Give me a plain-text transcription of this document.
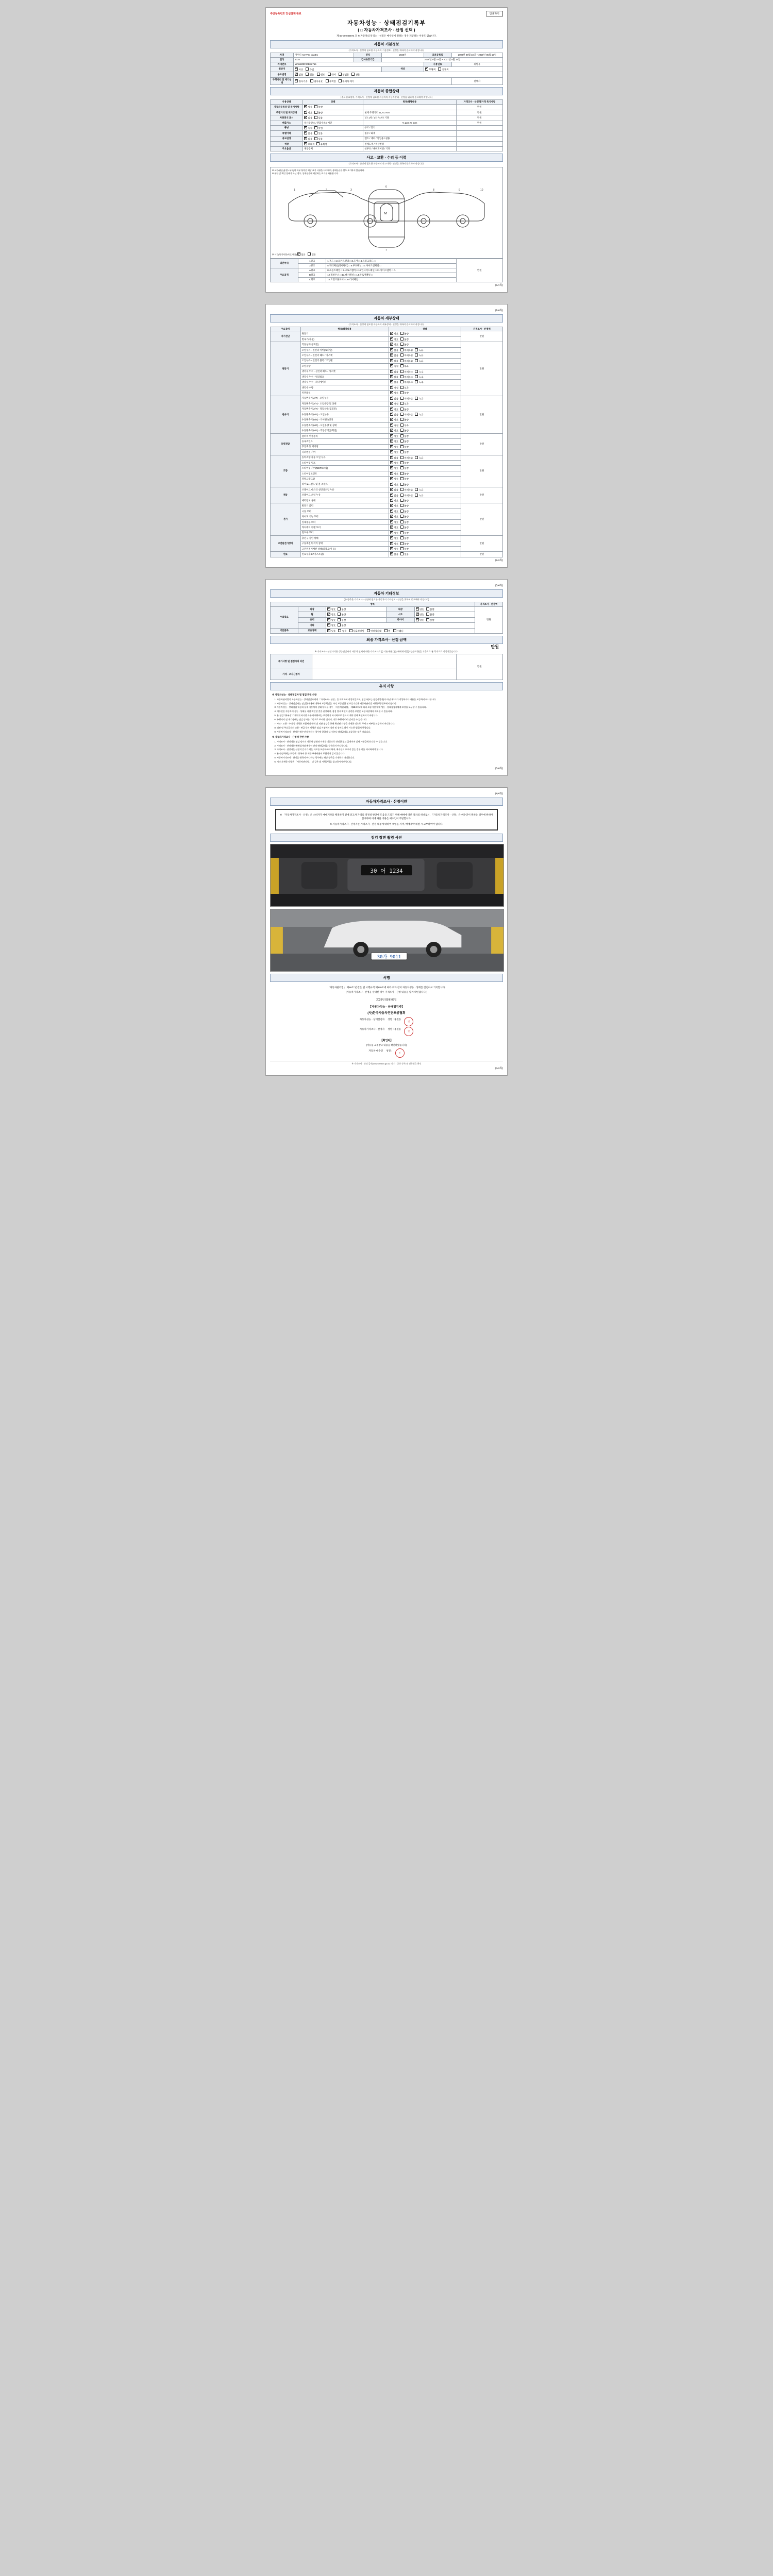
주민등록번호 안심결재 완료	인쇄하기
자동차성능 · 상태점검기록부
( □ 자동차가격조사 · 산정 선택 )
제 50-00-025674 호 ※ 자동차의 특징소 · 성질은 매수인에 정하는 경우 제공하는 서류도 없습니다.
자동차 기본정보
(가격조사 · 산정에 필요한 자동차의 기본정보 · 선정을 위하여 중요해야 작성니다)
차명	아우디 A6 TFSI quattro	연식	2020년	최초등록일	2008년 08월 15일 ~ 2020년 05월 19일
연식	2025	검사유효기간	2025년 5월 19일 ~ 2027년 5월 19일		
차대번호	WAUZZZF20DS2756			사용연료	휘발유
원산지	국산 수입		색상	무채색 유채색	
용도변경	없음 있음 렌트 대여 영업용 관용				
주행거리 및 계기상태	검사기준 검사유효 부적합 판매자 계기				판매자
자동차 종합상태
(주요 유효설치, 가격조사 · 산정에 필요한 자동차의 자동차상태 · 선정을 위하여 중요해야 작성니다)
사용상태	상태	항목/해당내용	가격조사 · 산정액/가격 특기사항
자동차등록증 및 특기사항	양호 불량		만원
주행거리 및 계기상태	양호 불량	현재 주행거리 11,772 Km	만원
차량연식 표시	없음 있음	년 / 1차 / 3차 / 4차 / 기타	만원
배출가스	일산화탄소 / 탄화수소 / 매연	% ppm % ppm	만원
튜닝	적정 불법	구조 / 장치	
특별이력	없음 있음	침수 / 화재	
용도변경	없음 있음	렌트 / 대여 / 영업용 / 관용	
색상	무채색 유채색	전체도색 / 색상변경	
주요옵션	제동장치	선루프 / 내비게이션 / 기타	
사고 · 교환 · 수리 등 이력
(가격조사 · 산정에 필요한 자동차의 사고이력 · 선정을 위하여 중요해야 작성니다)
※ 교환/판금(용접 / 부착)의 여부 항목은 해당 표기 사항을 나타내며, 상태등급은 별도 표기하지 않습니다.
※ 판단 및 확인 상태가 아닌 경우, 상태등급에 해당하는 표기를 사용합니다.
M
1	2	3	8	9	10
6
7
※ 시건(특기사항/사고 내용) 없음	있음
외판부위	1랭크	1.후드 □ 2.프론트팬더 □ 3.도어 □ 4.트렁크리드 □	만원
	2랭크	5.쿼터패널(리어팬더) □ 6.루프패널 □ 7.사이드실패널 □	
주요골격	A랭크	8.프론트패널 □ 9.크로스멤버 □ 10.인사이드패널 □ 11.사이드멤버 □ A.	
	B랭크	12.휠하우스 □ 13.대시패널 □ 14.플로어패널 □	
	C랭크	15.트렁크플로어 □ 16.리어패널 □	
(1/4쪽)
(2/4쪽)
자동차 세부상태
(가격조사 · 산정에 필요한 자동차의 세부상태 · 선정을 위하여 중요해야 작성니다)
주요장치	항목/해당내용	상태	가격조사 · 산정액
자기진단	원동기	양호 불량	만원
	변속기(자동)	양호 불량	
원동기	작동상태(공회전)	양호 불량	만원
	오일누유 - 실린더 커버(로커암)	없음 미세누유 누유	
	오일누유 - 실린더 헤드 / 가스켓	없음 미세누유 누유	
	오일누유 - 실린더 블록 / 오일팬	없음 미세누유 누유	
	오일유량	적정 부족	
	냉각수 누수 - 실린더 헤드 / 가스켓	없음 미세누수 누수	
	냉각수 누수 - 워터펌프	없음 미세누수 누수	
	냉각수 누수 - 라디에이터	없음 미세누수 누수	
	냉각수 수량	적정 부족	
	커먼레일	양호 불량	
변속기	자동변속기(A/T) - 오일누유	없음 미세누유 누유	만원
	자동변속기(A/T) - 오일유량 및 상태	적정 부족	
	자동변속기(A/T) - 작동상태(공회전)	양호 불량	
	수동변속기(M/T) - 오일누유	없음 미세누유 누유	
	수동변속기(M/T) - 기어변속장치	양호 불량	
	수동변속기(M/T) - 오일유량 및 상태	적정 부족	
	수동변속기(M/T) - 작동상태(공회전)	양호 불량	
동력전달	클러치 어셈블리	양호 불량	만원
	등속조인트	양호 불량	
	추진축 및 베어링	양호 불량	
	디퍼렌셜 기어	양호 불량	
조향	동력조향 작동 오일 누유	없음 미세누유 누유	만원
	스티어링 펌프	양호 불량	
	스티어링 기어(MDPS포함)	양호 불량	
	스티어링조인트	양호 불량	
	파워크랭크암	양호 불량	
	타이로드엔드 및 볼 조인트	양호 불량	
제동	브레이크 마스터 실린더오일 누유	없음 미세누유 누유	만원
	브레이크 오일 누유	없음 미세누유 누유	
	배력장치 상태	양호 불량	
전기	발전기 출력	양호 불량	만원
	시동 모터	양호 불량	
	와이퍼 기능 모터	양호 불량	
	실내송풍 모터	양호 불량	
	라디에이터 팬 모터	양호 불량	
	윈도우 모터	양호 불량	
고전원전기장치	충전구 절연 상태	양호 불량	만원
	구동축전지 격리 상태	양호 불량	
	고전원전기배선 상태(피복,높이 등)	양호 불량	
연료	연료누출(LP가스포함)	없음 있음	만원
(2/4쪽)
(3/4쪽)
자동차 기타정보
(주 항목은 가격조사 · 산정에 필요한 자동차의 기타정보 · 선정을 위하여 중요해야 작성니다)
항목					가격조사 · 산정액
수리필요	외장	양호 불량	내장	양호 불량	만원
	휠	양호 불량	시트	양호 불량	
	유리	양호 불량	타이어	양호 불량	
	기타	양호 불량			
기본품목	보유상태	있음 없음 사용설명서 안전삼각대 잭 스패너			
최종 가격조사 · 산정 금액
만원
※ 가격조사 · 산정가격은 성능점검자의 자동차 전체에 대한 가격조사로 ( ) 기술내용 ( )는 매매계약일(또는중요한)을 기준으로 본 목적으로 작성되었습니다.
특기사항 및 점검자의 의견		만원
가격 · 조사산정자		
유의 사항
※ 자동차성능 · 상태점검자 및 점검 관련 사항
1. 자동차관리법의 자동차성능 · 상태점검자에게 「가격조사 · 산정」을 의뢰하여 작성되었으며, 점검자(또는 점검사업자)가 아닌 제3자가 작성하거나 내용을 보증하지 아니합니다.
2. 자동차성능 · 상태점검자는 점검한 내용에 대하여 보증책임을 지며, 보증범위 및 보증기간은 자동차관리법 시행규칙 별표에 따릅니다.
3. 자동차성능 · 상태점검 내용과 실제 자동차의 상태가 다를 경우 「자동차관리법」 제58조의4에 따라 보증기간 내에 성능 · 상태점검자에게 보상을 요구할 수 있습니다.
4. 매수인은 자동차의 성능 · 상태를 직접 확인할 것을 권장하며, 점검 당시 확인이 곤란한 부분은 보증대상에서 제외될 수 있습니다.
5. 본 점검기록부상 기재되지 아니한 사항에 대하여는 보증하지 아니하므로 반드시 계약 전에 확인하시기 바랍니다.
6. 주행거리 및 계기상태는 점검 당시를 기준으로 표시한 것이며, 이후 주행에 따라 달라질 수 있습니다.
7. 사고 · 교환 · 수리 등 이력은 보험처리 내역 및 외관 점검을 통해 확인된 사항을 기재한 것으로, 무사고 여부를 보증하지 아니합니다.
8. 외판 및 주요골격의 교환 · 판금 등의 이력은 점검 시점에서 육안 및 장비로 확인 가능한 범위에 한합니다.
9. 자동차가격조사 · 산정은 매수인이 원하는 경우에 한하여 실시하며, 매매금액을 보증하는 것은 아닙니다.
※ 자동차가격조사 · 산정액 관련 사항
1. 가격조사 · 산정액은 점검 당시의 자동차 상태와 시세를 기준으로 산정한 참고 금액이며 실제 거래금액과 다를 수 있습니다.
2. 가격조사 · 산정액은 매매업자와 매수인 간의 매매금액을 구속하지 아니합니다.
3. 가격조사 · 산정자는 산정의 근거가 되는 자료를 보관하여야 하며, 매수인의 요구가 있는 경우 이를 제시하여야 합니다.
4. 본 산정액에는 취득세 · 등록비 등 제반 부대비용이 포함되어 있지 않습니다.
5. 자동차가격조사 · 산정을 원하지 아니하는 경우에는 해당 항목을 기재하지 아니합니다.
6. 기타 자세한 사항은 「자동차관리법」 및 같은 법 시행규칙을 참고하시기 바랍니다.
(3/4쪽)
(4/4쪽)
자동차가격조사 · 산정이란
※ 「자동차가격조사 · 산정」은 소비자가 매매계약을 체결하기 전에 중고차 가격의 적정성 판단에 도움을 드리기 위해 매매에 따른 절차의 하나로서, 「자동차가격조사 · 산정」은 매수인이 원하는 경우에 한하여 실시하며 이에 따른 비용은 매수인이 부담합니다.
※ 자동차가격조사 · 산정자는 가격조사 · 산정 내용에 대하여 책임을 지며, 매매계약 체결 시 교부하여야 합니다.
점검 장면 촬영 사진
30 어 1234
30가 9011
서명
「자동차관리법」 제58조 및 같은 법 시행규칙 제120조에 따라 위와 같이 자동차성능 · 상태를 점검하고 기록합니다.
(자동차가격조사 · 산정을 선택한 경우 가격조사 · 산정 내용을 함께 확인합니다.)
2026년 03월 09일
【자동차성능 · 상태점검자】
(사)한국자동차진단보증협회
자동차성능 · 상태점검자 성명 : 홍길동
인
자동차가격조사 · 산정자 성명 : 홍길동
인
【확인자】
(서류를 교부받고 내용을 확인하였습니다)
자동차 매수인 성명 :
인
※ 가격조사 · 산정 금액(www.car365.go.kr) 의 시 · 군등 등록 및 전화번호 확인
(4/4쪽)
